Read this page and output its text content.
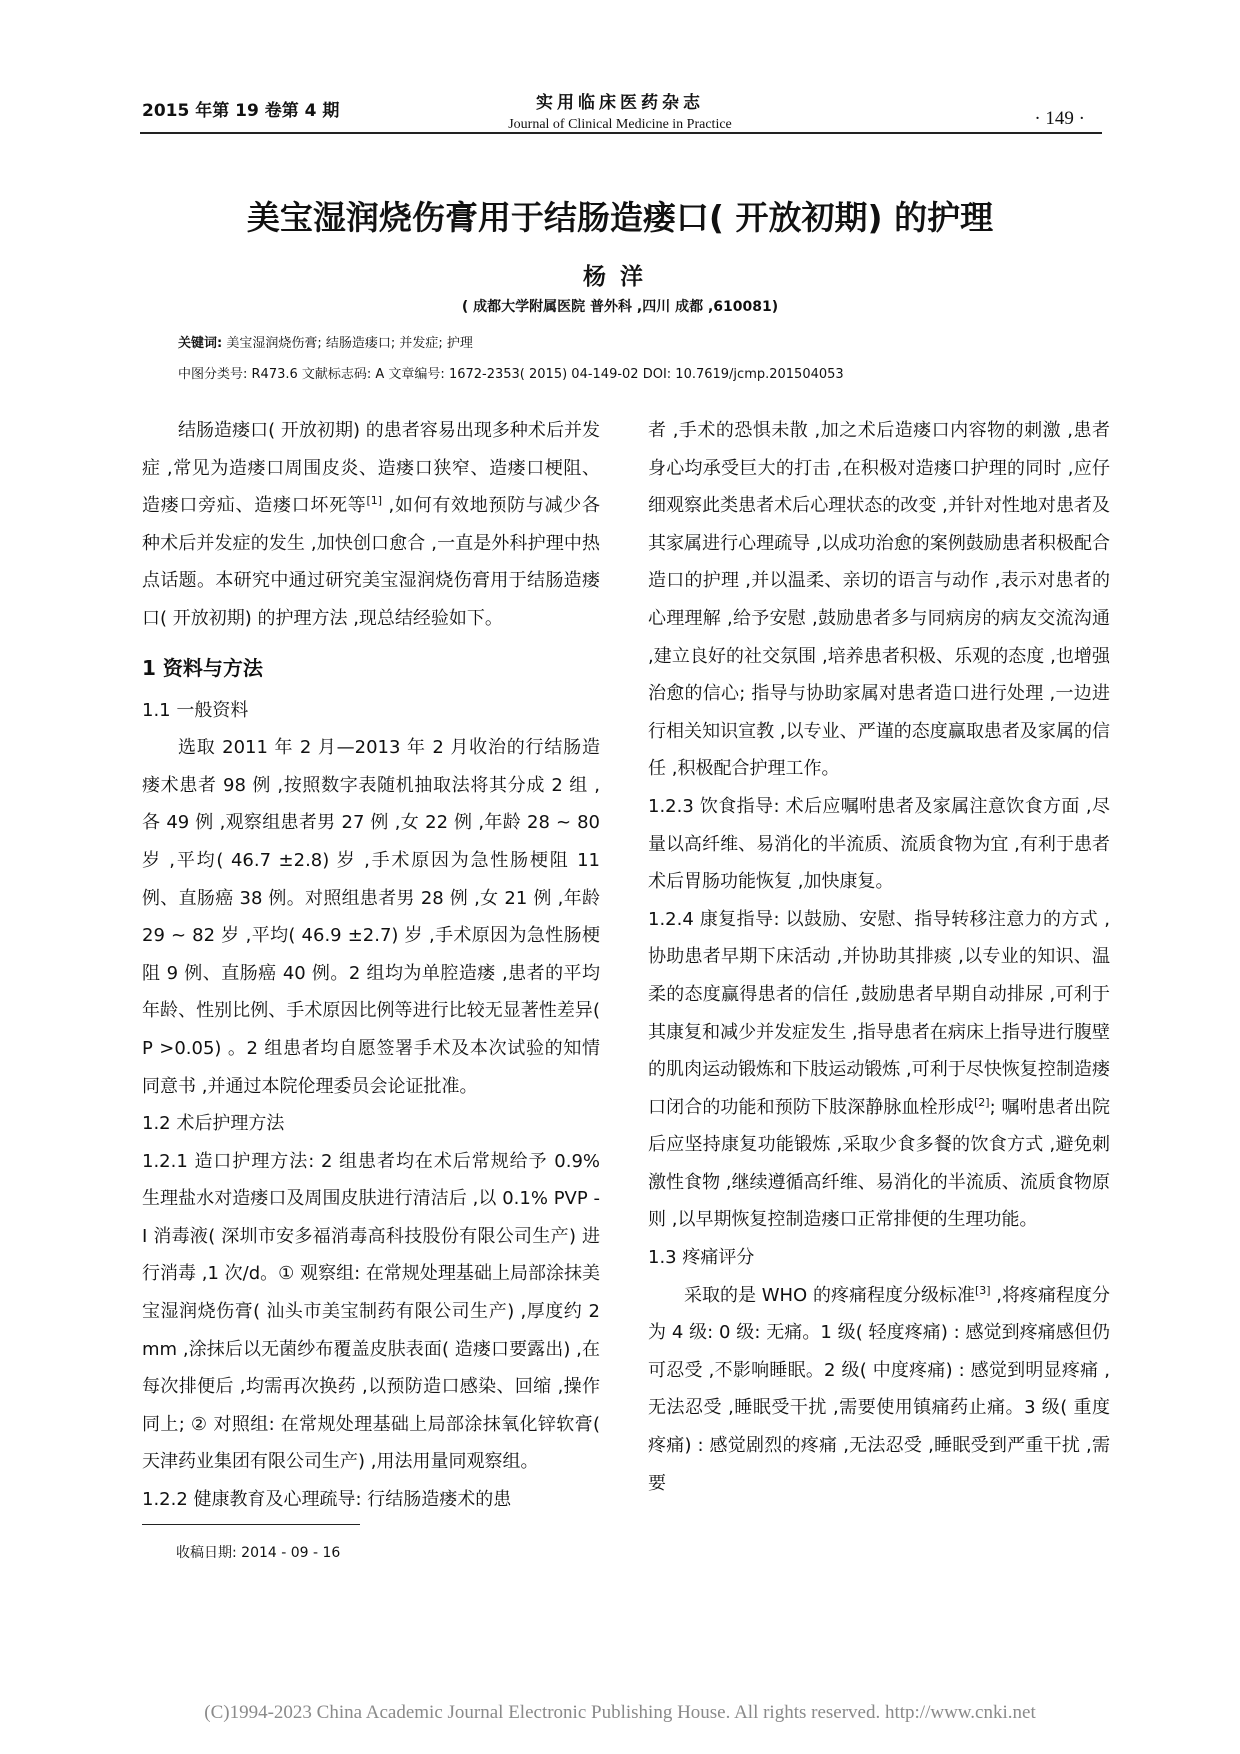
2015 年第 19 卷第 4 期	实用临床医药杂志
Journal of Clinical Medicine in Practice	· 149 ·
美宝湿润烧伤膏用于结肠造瘘口( 开放初期) 的护理
杨洋
( 成都大学附属医院 普外科 ,四川 成都 ,610081)
关键词: 美宝湿润烧伤膏; 结肠造瘘口; 并发症; 护理
中图分类号: R473.6 文献标志码: A 文章编号: 1672-2353( 2015) 04-149-02 DOI: 10.7619/jcmp.201504053

结肠造瘘口( 开放初期) 的患者容易出现多种术后并发症 ,常见为造瘘口周围皮炎、造瘘口狭窄、造瘘口梗阻、造瘘口旁疝、造瘘口坏死等[1] ,如何有效地预防与减少各种术后并发症的发生 ,加快创口愈合 ,一直是外科护理中热点话题。本研究中通过研究美宝湿润烧伤膏用于结肠造瘘口( 开放初期) 的护理方法 ,现总结经验如下。

1 资料与方法

1.1 一般资料

选取 2011 年 2 月—2013 年 2 月收治的行结肠造瘘术患者 98 例 ,按照数字表随机抽取法将其分成 2 组 ,各 49 例 ,观察组患者男 27 例 ,女 22 例 ,年龄 28 ~ 80 岁 ,平均( 46.7 ±2.8) 岁 ,手术原因为急性肠梗阻 11 例、直肠癌 38 例。对照组患者男 28 例 ,女 21 例 ,年龄 29 ~ 82 岁 ,平均( 46.9 ±2.7) 岁 ,手术原因为急性肠梗阻 9 例、直肠癌 40 例。2 组均为单腔造瘘 ,患者的平均年龄、性别比例、手术原因比例等进行比较无显著性差异( P >0.05) 。2 组患者均自愿签署手术及本次试验的知情同意书 ,并通过本院伦理委员会论证批准。

1.2 术后护理方法

1.2.1 造口护理方法: 2 组患者均在术后常规给予 0.9% 生理盐水对造瘘口及周围皮肤进行清洁后 ,以 0.1% PVP - I 消毒液( 深圳市安多福消毒高科技股份有限公司生产) 进行消毒 ,1 次/d。① 观察组: 在常规处理基础上局部涂抹美宝湿润烧伤膏( 汕头市美宝制药有限公司生产) ,厚度约 2 mm ,涂抹后以无菌纱布覆盖皮肤表面( 造瘘口要露出) ,在每次排便后 ,均需再次换药 ,以预防造口感染、回缩 ,操作同上; ② 对照组: 在常规处理基础上局部涂抹氧化锌软膏( 天津药业集团有限公司生产) ,用法用量同观察组。

1.2.2 健康教育及心理疏导: 行结肠造瘘术的患

者 ,手术的恐惧未散 ,加之术后造瘘口内容物的刺激 ,患者身心均承受巨大的打击 ,在积极对造瘘口护理的同时 ,应仔细观察此类患者术后心理状态的改变 ,并针对性地对患者及其家属进行心理疏导 ,以成功治愈的案例鼓励患者积极配合造口的护理 ,并以温柔、亲切的语言与动作 ,表示对患者的心理理解 ,给予安慰 ,鼓励患者多与同病房的病友交流沟通 ,建立良好的社交氛围 ,培养患者积极、乐观的态度 ,也增强治愈的信心; 指导与协助家属对患者造口进行处理 ,一边进行相关知识宣教 ,以专业、严谨的态度赢取患者及家属的信任 ,积极配合护理工作。

1.2.3 饮食指导: 术后应嘱咐患者及家属注意饮食方面 ,尽量以高纤维、易消化的半流质、流质食物为宜 ,有利于患者术后胃肠功能恢复 ,加快康复。

1.2.4 康复指导: 以鼓励、安慰、指导转移注意力的方式 ,协助患者早期下床活动 ,并协助其排痰 ,以专业的知识、温柔的态度赢得患者的信任 ,鼓励患者早期自动排尿 ,可利于其康复和减少并发症发生 ,指导患者在病床上指导进行腹壁的肌肉运动锻炼和下肢运动锻炼 ,可利于尽快恢复控制造瘘口闭合的功能和预防下肢深静脉血栓形成[2]; 嘱咐患者出院后应坚持康复功能锻炼 ,采取少食多餐的饮食方式 ,避免刺激性食物 ,继续遵循高纤维、易消化的半流质、流质食物原则 ,以早期恢复控制造瘘口正常排便的生理功能。

1.3 疼痛评分

采取的是 WHO 的疼痛程度分级标准[3] ,将疼痛程度分为 4 级: 0 级: 无痛。1 级( 轻度疼痛) : 感觉到疼痛感但仍可忍受 ,不影响睡眠。2 级( 中度疼痛) : 感觉到明显疼痛 ,无法忍受 ,睡眠受干扰 ,需要使用镇痛药止痛。3 级( 重度疼痛) : 感觉剧烈的疼痛 ,无法忍受 ,睡眠受到严重干扰 ,需要

收稿日期: 2014 - 09 - 16
(C)1994-2023 China Academic Journal Electronic Publishing House. All rights reserved. http://www.cnki.net
